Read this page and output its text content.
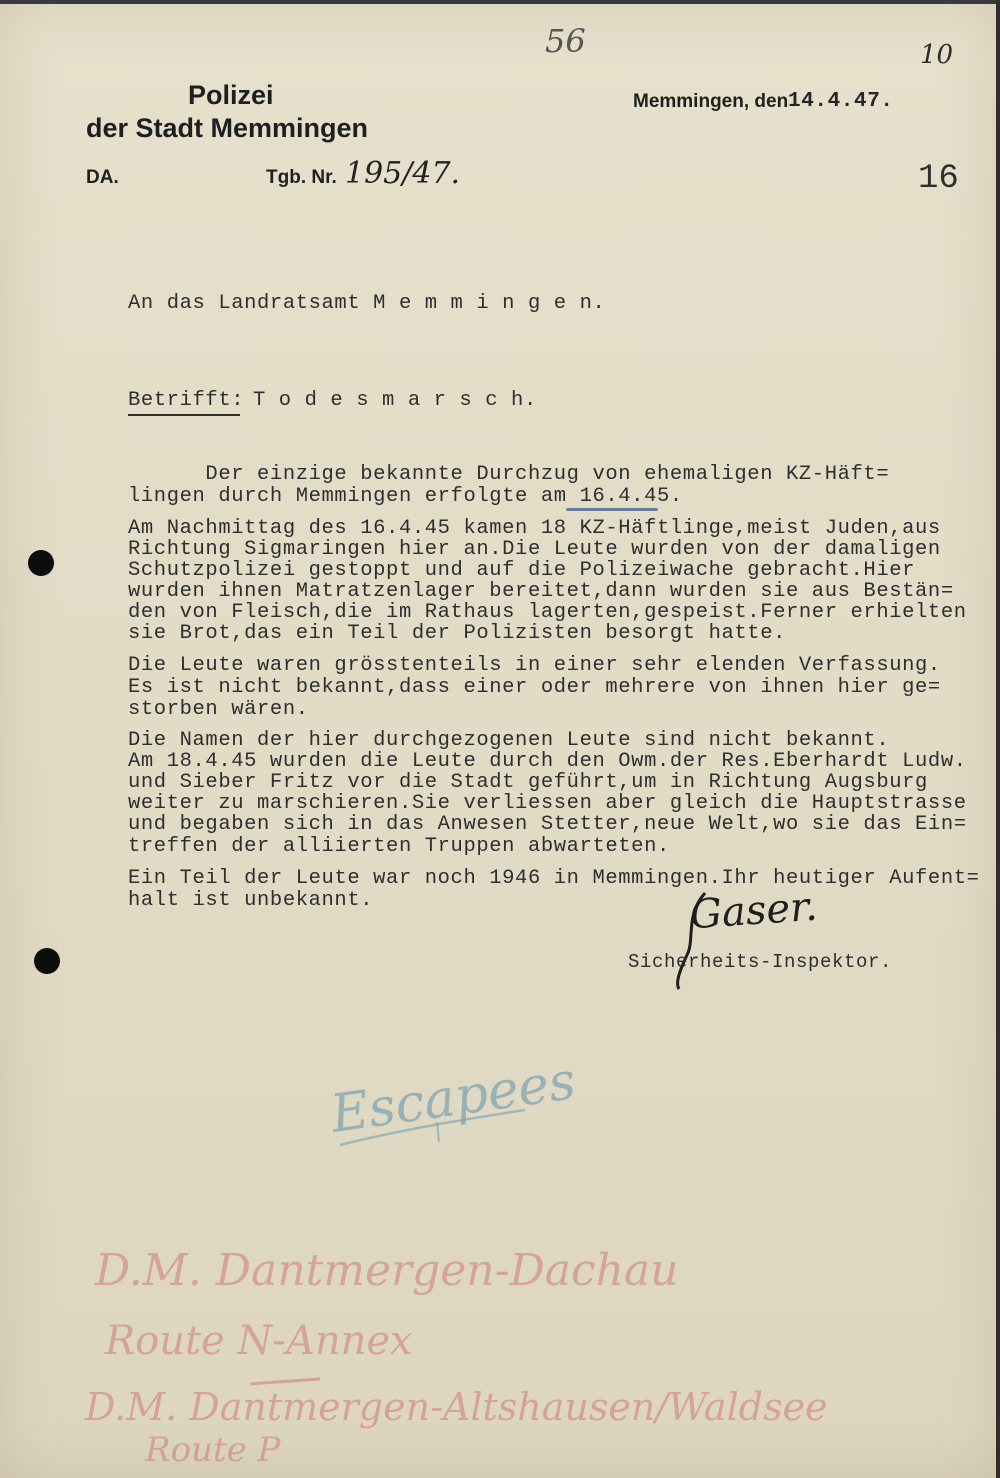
56	10
16
Polizei
der Stadt Memmingen
DA.	Tgb. Nr. 195/47.
Memmingen, den 14.4.47.
An das Landratsamt M e m m i n g e n.
Betrifft: T o d e s m a r s c h.
Der einzige bekannte Durchzug von ehemaligen KZ-Häft=
lingen durch Memmingen erfolgte am 16.4.45.
Am Nachmittag des 16.4.45 kamen 18 KZ-Häftlinge,meist Juden,aus
Richtung Sigmaringen hier an.Die Leute wurden von der damaligen
Schutzpolizei gestoppt und auf die Polizeiwache gebracht.Hier
wurden ihnen Matratzenlager bereitet,dann wurden sie aus Bestän=
den von Fleisch,die im Rathaus lagerten,gespeist.Ferner erhielten
sie Brot,das ein Teil der Polizisten besorgt hatte.
Die Leute waren grösstenteils in einer sehr elenden Verfassung.
Es ist nicht bekannt,dass einer oder mehrere von ihnen hier ge=
storben wären.
Die Namen der hier durchgezogenen Leute sind nicht bekannt.
Am 18.4.45 wurden die Leute durch den Owm.der Res.Eberhardt Ludw.
und Sieber Fritz vor die Stadt geführt,um in Richtung Augsburg
weiter zu marschieren.Sie verliessen aber gleich die Hauptstrasse
und begaben sich in das Anwesen Stetter,neue Welt,wo sie das Ein=
treffen der alliierten Truppen abwarteten.
Ein Teil der Leute war noch 1946 in Memmingen.Ihr heutiger Aufent=
halt ist unbekannt.	Gaser.
Sicherheits-Inspektor.
Escapees
D.M. Dantmergen-Dachau
Route N-Annex
D.M. Dantmergen-Altshausen/Waldsee
Route P
